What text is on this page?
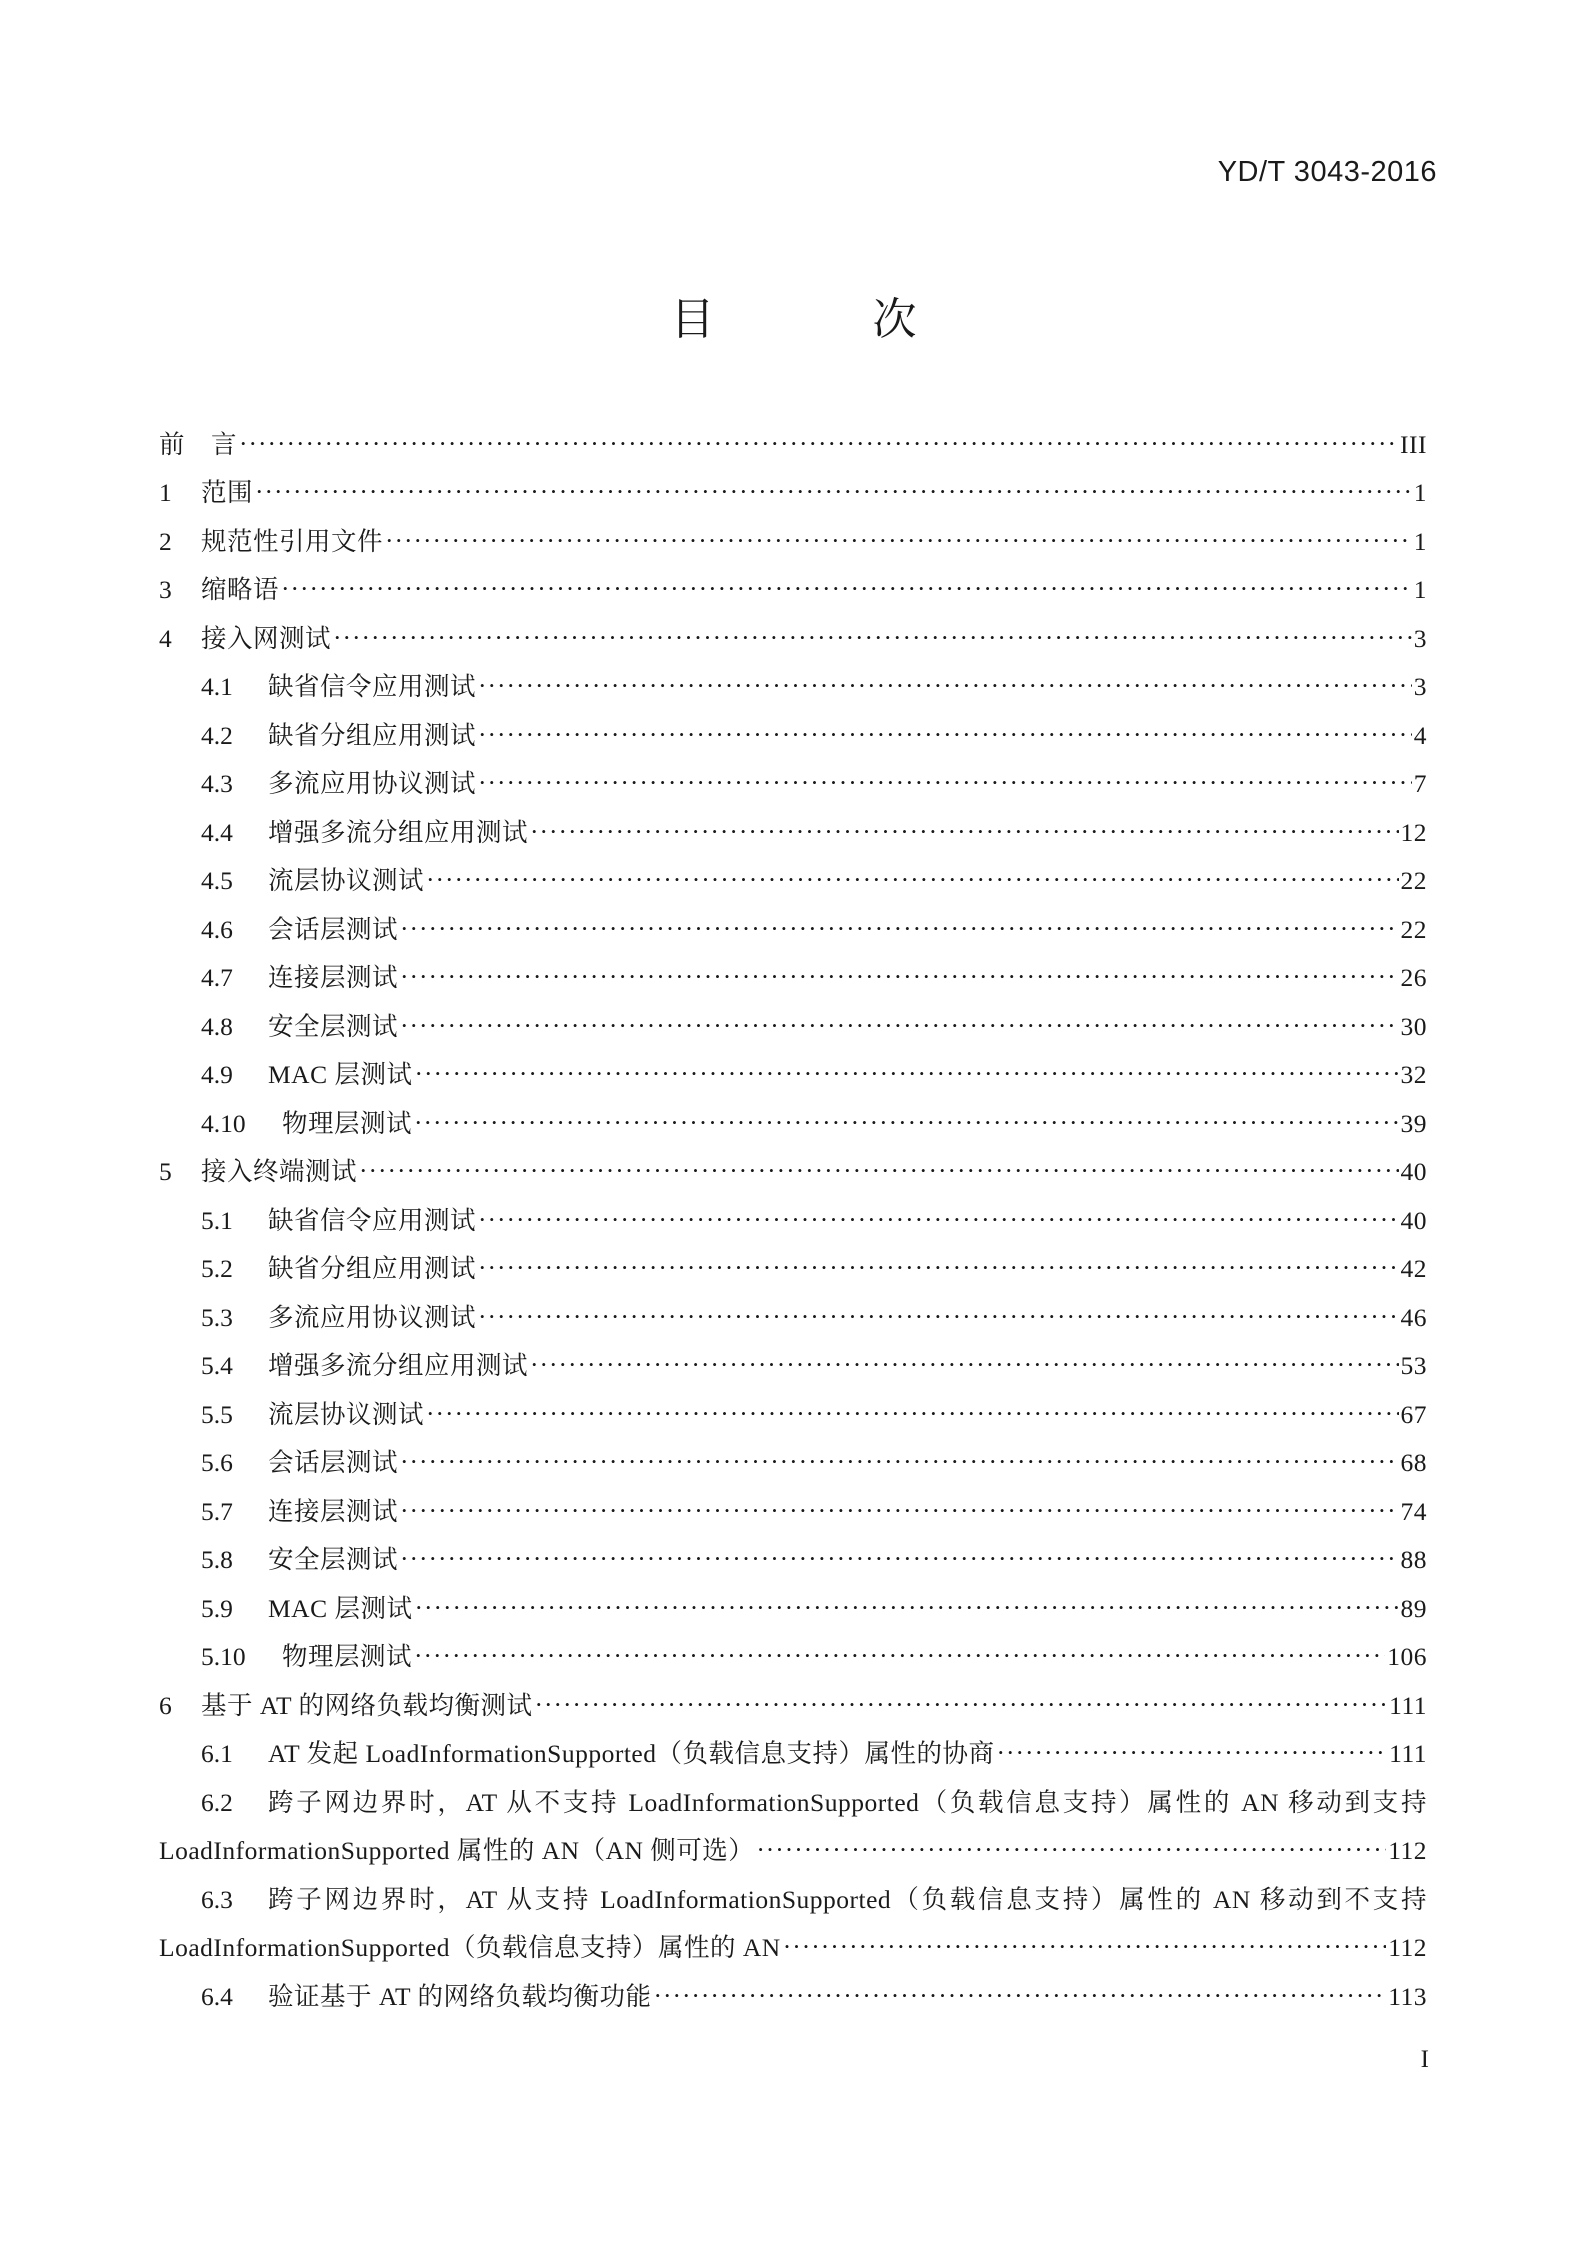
YD/T 3043-2016
目 次
前　言 ·····	III
1	范围 ·····	1
2	规范性引用文件 ·····	1
3	缩略语 ·····	1
4	接入网测试 ·····	3
4.1	缺省信令应用测试 ·····	3
4.2	缺省分组应用测试 ·····	4
4.3	多流应用协议测试 ·····	7
4.4	增强多流分组应用测试 ·····	12
4.5	流层协议测试 ·····	22
4.6	会话层测试 ·····	22
4.7	连接层测试 ·····	26
4.8	安全层测试 ·····	30
4.9	MAC 层测试 ·····	32
4.10	物理层测试 ·····	39
5	接入终端测试 ·····	40
5.1	缺省信令应用测试 ·····	40
5.2	缺省分组应用测试 ·····	42
5.3	多流应用协议测试 ·····	46
5.4	增强多流分组应用测试 ·····	53
5.5	流层协议测试 ·····	67
5.6	会话层测试 ·····	68
5.7	连接层测试 ·····	74
5.8	安全层测试 ·····	88
5.9	MAC 层测试 ·····	89
5.10	物理层测试 ·····	106
6	基于 AT 的网络负载均衡测试 ·····	111
6.1	AT 发起 LoadInformationSupported（负载信息支持）属性的协商 ·····	111
6.2	跨子网边界时，AT 从不支持 LoadInformationSupported（负载信息支持）属性的 AN 移动到支持
LoadInformationSupported 属性的 AN（AN 侧可选） ·····	112
6.3	跨子网边界时，AT 从支持 LoadInformationSupported（负载信息支持）属性的 AN 移动到不支持
LoadInformationSupported（负载信息支持）属性的 AN ·····	112
6.4	验证基于 AT 的网络负载均衡功能 ·····	113
I
